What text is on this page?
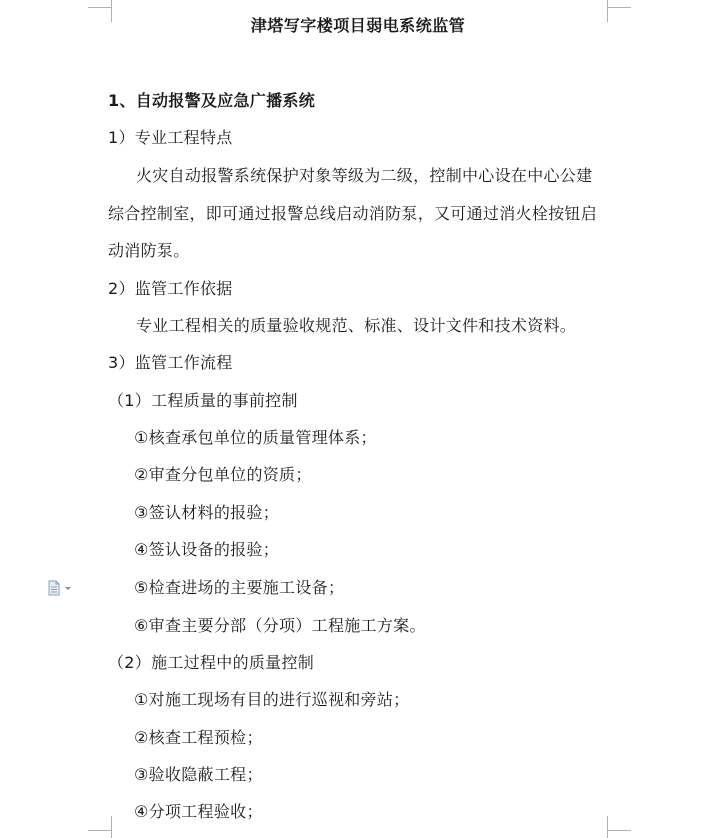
津塔写字楼项目弱电系统监管
1、自动报警及应急广播系统
1）专业工程特点
火灾自动报警系统保护对象等级为二级，控制中心设在中心公建
综合控制室，即可通过报警总线启动消防泵，又可通过消火栓按钮启
动消防泵。
2）监管工作依据
专业工程相关的质量验收规范、标准、设计文件和技术资料。
3）监管工作流程
（1）工程质量的事前控制
①核查承包单位的质量管理体系；
②审查分包单位的资质；
③签认材料的报验；
④签认设备的报验；
⑤检查进场的主要施工设备；
⑥审查主要分部（分项）工程施工方案。
（2）施工过程中的质量控制
①对施工现场有目的进行巡视和旁站；
②核查工程预检；
③验收隐蔽工程；
④分项工程验收；
